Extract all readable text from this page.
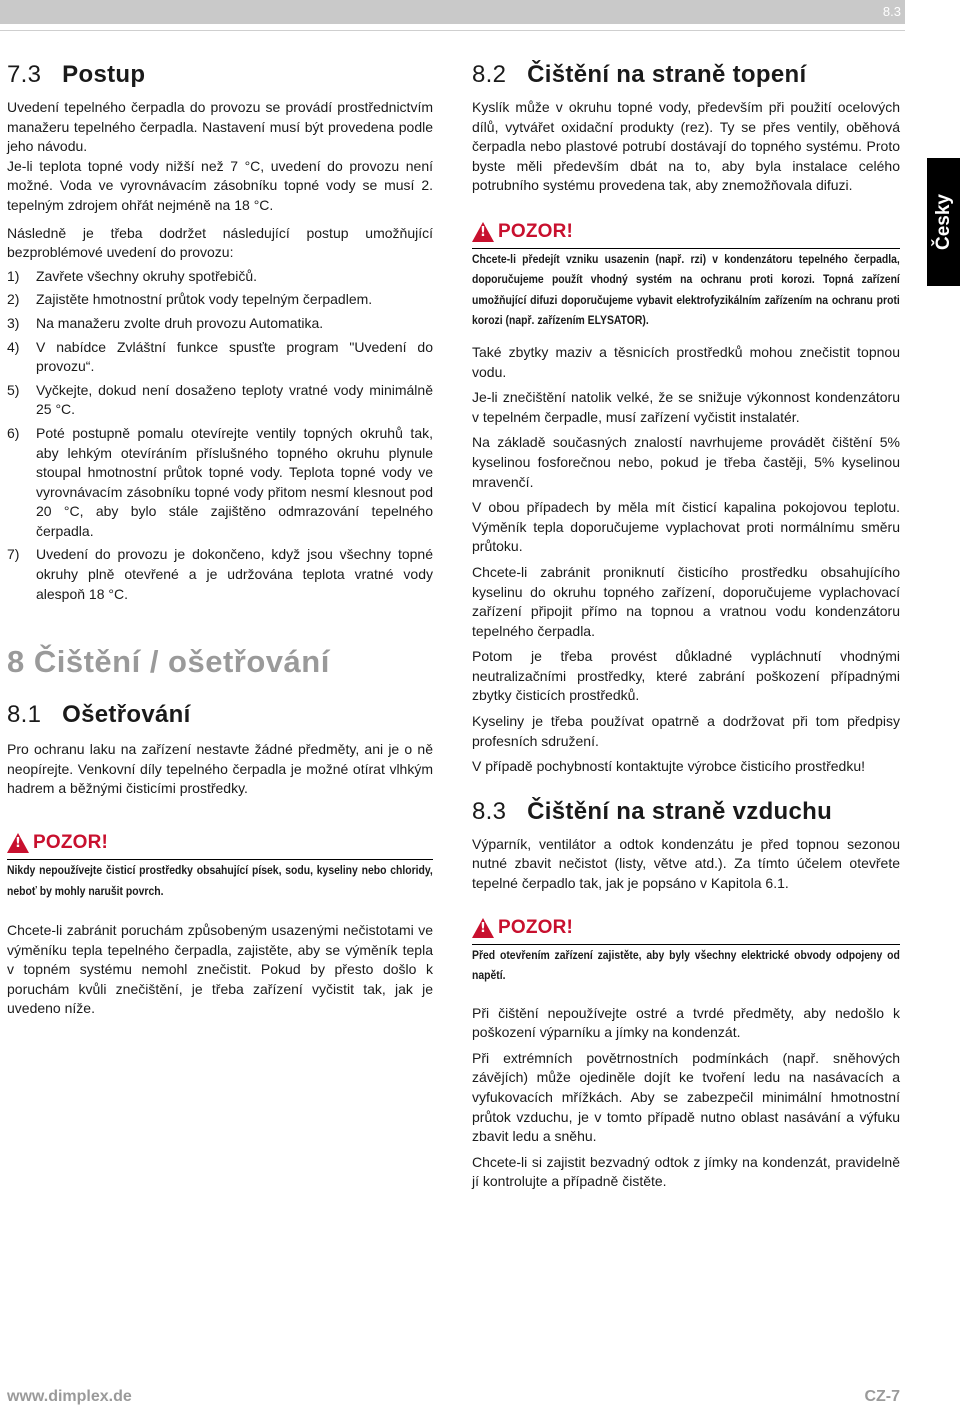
8.3
Česky
7.3 Postup

Uvedení tepelného čerpadla do provozu se provádí prostřednictvím manažeru tepelného čerpadla. Nastavení musí být provedena podle jeho návodu.

Je-li teplota topné vody nižší než 7 °C, uvedení do provozu není možné. Voda ve vyrovnávacím zásobníku topné vody se musí 2. tepelným zdrojem ohřát nejméně na 18 °C.

Následně je třeba dodržet následující postup umožňující bezproblémové uvedení do provozu:

1) Zavřete všechny okruhy spotřebičů.
2) Zajistěte hmotnostní průtok vody tepelným čerpadlem.
3) Na manažeru zvolte druh provozu Automatika.
4) V nabídce Zvláštní funkce spusťte program "Uvedení do provozu“.
5) Vyčkejte, dokud není dosaženo teploty vratné vody minimálně 25 °C.
6) Poté postupně pomalu otevírejte ventily topných okruhů tak, aby lehkým otevíráním příslušného topného okruhu plynule stoupal hmotnostní průtok topné vody. Teplota topné vody ve vyrovnávacím zásobníku topné vody přitom nesmí klesnout pod 20 °C, aby bylo stále zajištěno odmrazování tepelného čerpadla.
7) Uvedení do provozu je dokončeno, když jsou všechny topné okruhy plně otevřené a je udržována teplota vratné vody alespoň 18 °C.
8 Čištění / ošetřování
8.1 Ošetřování

Pro ochranu laku na zařízení nestavte žádné předměty, ani je o ně neopírejte. Venkovní díly tepelného čerpadla je možné otírat vlhkým hadrem a běžnými čisticími prostředky.

!
POZOR!

Nikdy nepoužívejte čisticí prostředky obsahující písek, sodu, kyseliny nebo chloridy, neboť by mohly narušit povrch.

Chcete-li zabránit poruchám způsobeným usazenými nečistotami ve výměníku tepla tepelného čerpadla, zajistěte, aby se výměník tepla v topném systému nemohl znečistit. Pokud by přesto došlo k poruchám kvůli znečištění, je třeba zařízení vyčistit tak, jak je uvedeno níže.

8.2 Čištění na straně topení

Kyslík může v okruhu topné vody, především při použití ocelových dílů, vytvářet oxidační produkty (rez). Ty se přes ventily, oběhová čerpadla nebo plastové potrubí dostávají do topného systému. Proto byste měli především dbát na to, aby byla instalace celého potrubního systému provedena tak, aby znemožňovala difuzi.

!
POZOR!

Chcete-li předejít vzniku usazenin (např. rzi) v kondenzátoru tepelného čerpadla, doporučujeme použít vhodný systém na ochranu proti korozi. Topná zařízení umožňující difuzi doporučujeme vybavit elektrofyzikálním zařízením na ochranu proti korozi (např. zařízením ELYSATOR).

Také zbytky maziv a těsnicích prostředků mohou znečistit topnou vodu.

Je-li znečištění natolik velké, že se snižuje výkonnost kondenzátoru v tepelném čerpadle, musí zařízení vyčistit instalatér.

Na základě současných znalostí navrhujeme provádět čištění 5% kyselinou fosforečnou nebo, pokud je třeba častěji, 5% kyselinou mravenčí.

V obou případech by měla mít čisticí kapalina pokojovou teplotu. Výměník tepla doporučujeme vyplachovat proti normálnímu směru průtoku.

Chcete-li zabránit proniknutí čisticího prostředku obsahujícího kyselinu do okruhu topného zařízení, doporučujeme vyplachovací zařízení připojit přímo na topnou a vratnou vodu kondenzátoru tepelného čerpadla.

Potom je třeba provést důkladné vypláchnutí vhodnými neutralizačními prostředky, které zabrání poškození případnými zbytky čisticích prostředků.

Kyseliny je třeba používat opatrně a dodržovat při tom předpisy profesních sdružení.

V případě pochybností kontaktujte výrobce čisticího prostředku!

8.3 Čištění na straně vzduchu

Výparník, ventilátor a odtok kondenzátu je před topnou sezonou nutné zbavit nečistot (listy, větve atd.). Za tímto účelem otevřete tepelné čerpadlo tak, jak je popsáno v Kapitola 6.1.

!
POZOR!

Před otevřením zařízení zajistěte, aby byly všechny elektrické obvody odpojeny od napětí.

Při čištění nepoužívejte ostré a tvrdé předměty, aby nedošlo k poškození výparníku a jímky na kondenzát.

Při extrémních povětrnostních podmínkách (např. sněhových závějích) může ojediněle dojít ke tvoření ledu na nasávacích a vyfukovacích mřížkách. Aby se zabezpečil minimální hmotnostní průtok vzduchu, je v tomto případě nutno oblast nasávání a výfuku zbavit ledu a sněhu.

Chcete-li si zajistit bezvadný odtok z jímky na kondenzát, pravidelně jí kontrolujte a případně čistěte.

www.dimplex.de	CZ-7
